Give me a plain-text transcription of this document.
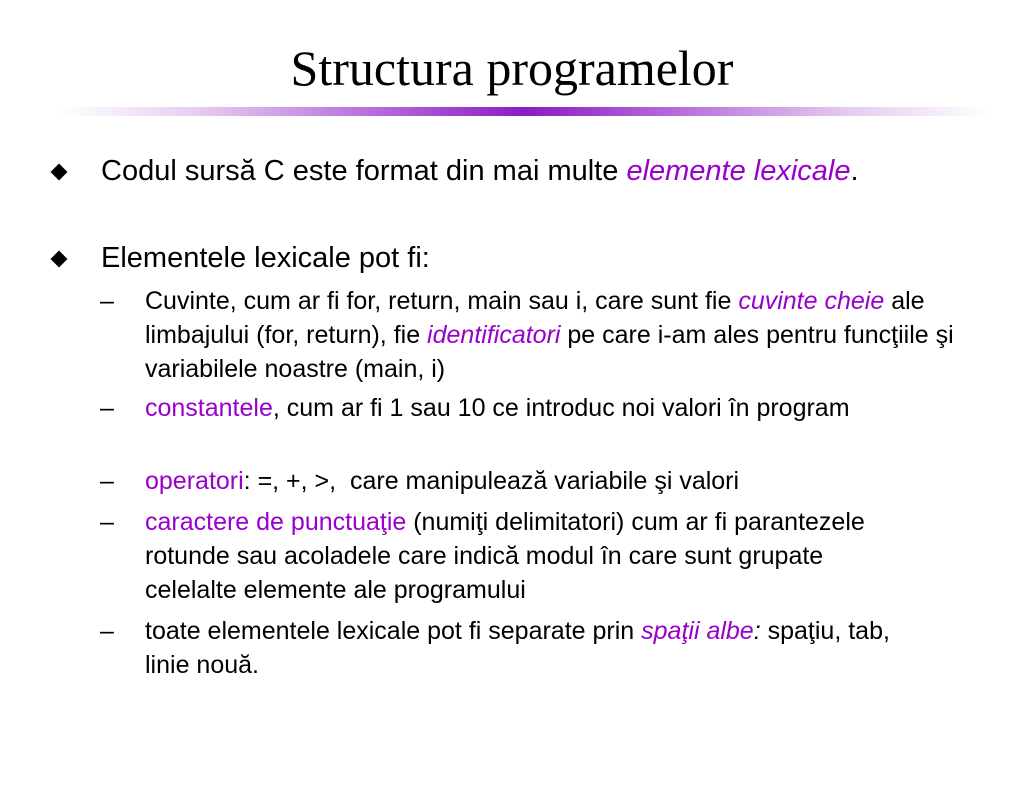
Structura programelor
Codul sursă C este format din mai multe elemente lexicale.
Elementele lexicale pot fi:
– Cuvinte, cum ar fi for, return, main sau i, care sunt fie cuvinte cheie ale limbajului (for, return), fie identificatori pe care i-am ales pentru funcţiile şi variabilele noastre (main, i)
– constantele, cum ar fi 1 sau 10 ce introduc noi valori în program
– operatori: =, +, >,  care manipulează variabile şi valori
– caractere de punctuaţie (numiţi delimitatori) cum ar fi parantezele rotunde sau acoladele care indică modul în care sunt grupate celelalte elemente ale programului
– toate elementele lexicale pot fi separate prin spaţii albe: spaţiu, tab, linie nouă.
